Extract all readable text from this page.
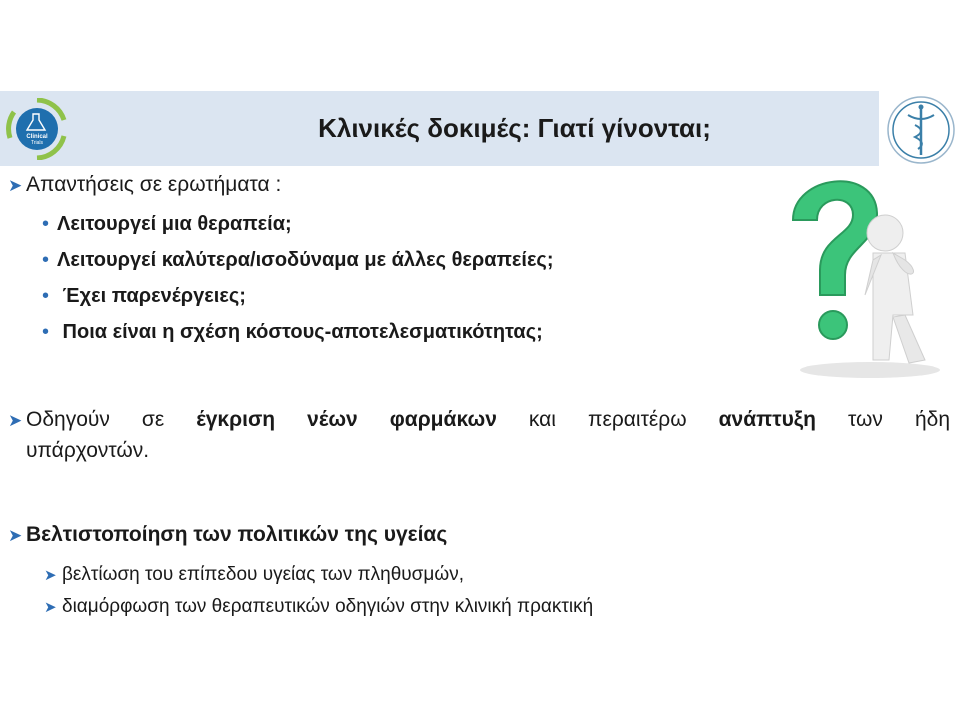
Clinical
Trials	Κλινικές δοκιμές: Γιατί γίνονται;
➤ Απαντήσεις σε ερωτήματα :
• Λειτουργεί μια θεραπεία;
• Λειτουργεί καλύτερα/ισοδύναμα με άλλες θεραπείες;
• Έχει παρενέργειες;
• Ποια είναι η σχέση κόστους-αποτελεσματικότητας;
➤ Οδηγούν σε έγκριση νέων φαρμάκων και περαιτέρω ανάπτυξη των ήδη
υπάρχοντών.
➤ Βελτιστοποίηση των πολιτικών της υγείας
➤ βελτίωση του επίπεδου υγείας των πληθυσμών,
➤ διαμόρφωση των θεραπευτικών οδηγιών στην κλινική πρακτική
